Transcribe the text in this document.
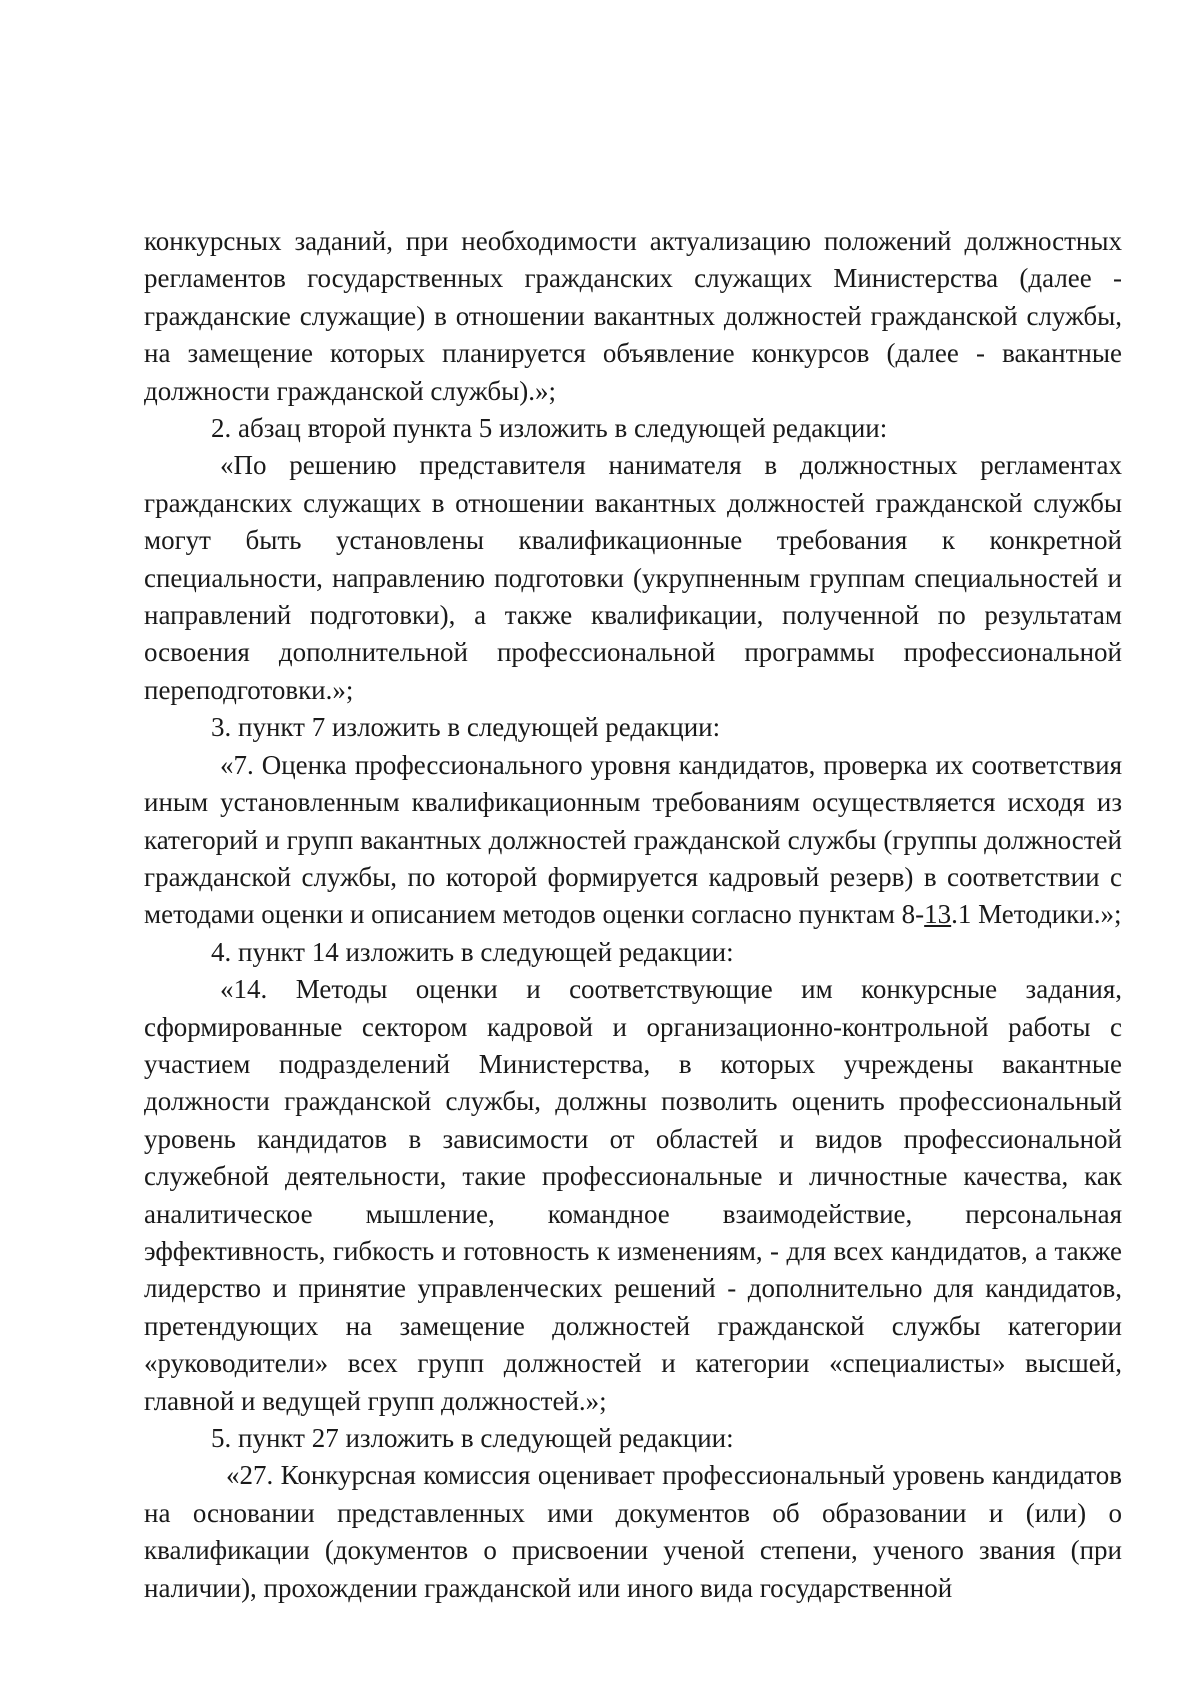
конкурсных заданий, при необходимости актуализацию положений должностных регламентов государственных гражданских служащих Министерства (далее - гражданские служащие) в отношении вакантных должностей гражданской службы, на замещение которых планируется объявление конкурсов (далее - вакантные должности гражданской службы).»;

2. абзац второй пункта 5 изложить в следующей редакции:

«По решению представителя нанимателя в должностных регламентах гражданских служащих в отношении вакантных должностей гражданской службы могут быть установлены квалификационные требования к конкретной специальности, направлению подготовки (укрупненным группам специальностей и направлений подготовки), а также квалификации, полученной по результатам освоения дополнительной профессиональной программы профессиональной переподготовки.»;

3. пункт 7 изложить в следующей редакции:

«7. Оценка профессионального уровня кандидатов, проверка их соответствия иным установленным квалификационным требованиям осуществляется исходя из категорий и групп вакантных должностей гражданской службы (группы должностей гражданской службы, по которой формируется кадровый резерв) в соответствии с методами оценки и описанием методов оценки согласно пунктам 8-13.1 Методики.»;

4. пункт 14 изложить в следующей редакции:

«14. Методы оценки и соответствующие им конкурсные задания, сформированные сектором кадровой и организационно-контрольной работы с участием подразделений Министерства, в которых учреждены вакантные должности гражданской службы, должны позволить оценить профессиональный уровень кандидатов в зависимости от областей и видов профессиональной служебной деятельности, такие профессиональные и личностные качества, как аналитическое мышление, командное взаимодействие, персональная эффективность, гибкость и готовность к изменениям, - для всех кандидатов, а также лидерство и принятие управленческих решений - дополнительно для кандидатов, претендующих на замещение должностей гражданской службы категории «руководители» всех групп должностей и категории «специалисты» высшей, главной и ведущей групп должностей.»;

5. пункт 27 изложить в следующей редакции:

«27. Конкурсная комиссия оценивает профессиональный уровень кандидатов на основании представленных ими документов об образовании и (или) о квалификации (документов о присвоении ученой степени, ученого звания (при наличии), прохождении гражданской или иного вида государственной
